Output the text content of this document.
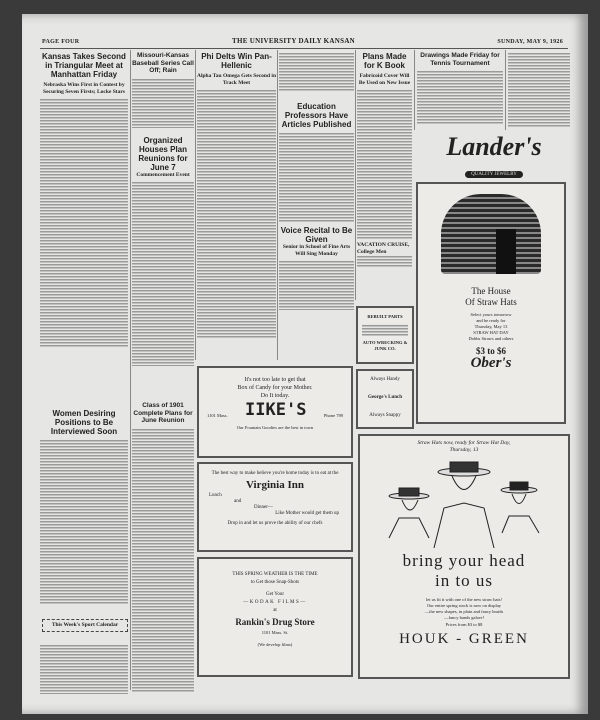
PAGE FOUR	THE UNIVERSITY DAILY KANSAN	SUNDAY, MAY 9, 1926
Kansas Takes Second in Triangular Meet at Manhattan Friday
Nebraska Wins First in Contest by Securing Seven Firsts; Locke Stars
Women Desiring Positions to Be Interviewed Soon
This Week's Sport Calendar
Missouri-Kansas Baseball Series Call Off; Rain
Organized Houses Plan Reunions for June 7
Commencement Event
Class of 1901 Complete Plans for June Reunion
Phi Delts Win Pan-Hellenic
Alpha Tau Omega Gets Second in Track Meet
Education Professors Have Articles Published
Voice Recital to Be Given
Senior in School of Fine Arts Will Sing Monday
Plans Made for K Book
Fabricoid Cover Will Be Used on New Issue
VACATION CRUISE, College Men
Drawings Made Friday for Tennis Tournament
Lander's
QUALITY JEWELRY
The House
Of Straw Hats
Select yours tomorrow
and be ready for
Thursday, May 13
STRAW HAT DAY
Dobbs Straws and others
$3 to $6
Ober's
REBUILT PARTS
AUTO WRECKING & JUNK CO.
Always Handy
George's Lunch
Always Snappy
It's not too late to get that
Box of Candy for your Mother.
Do It today.
1101 Mass. IIKE'S	Phone 789
Our Fountain Goodies are the best in town
The best way to make believe you're home today is to eat at the
Virginia Inn
Lunch
and
Dinner—
Like Mother would get them up
Drop in and let us prove the ability of our chefs
THIS SPRING WEATHER IS THE TIME
to Get those Snap-Shots
Get Your
—KODAK FILMS—
at
Rankin's Drug Store
1101 Mass. St.
(We develop films)
Straw Hats now, ready for Straw Hat Day,
Thursday, 13
bring your head
in to us
let us fit it with one of the new straw hats!
Our entire spring stock is now on display
—the new shapes, in plain and fancy braids
—fancy bands galore!
Prices from $3 to $8
HOUK - GREEN
